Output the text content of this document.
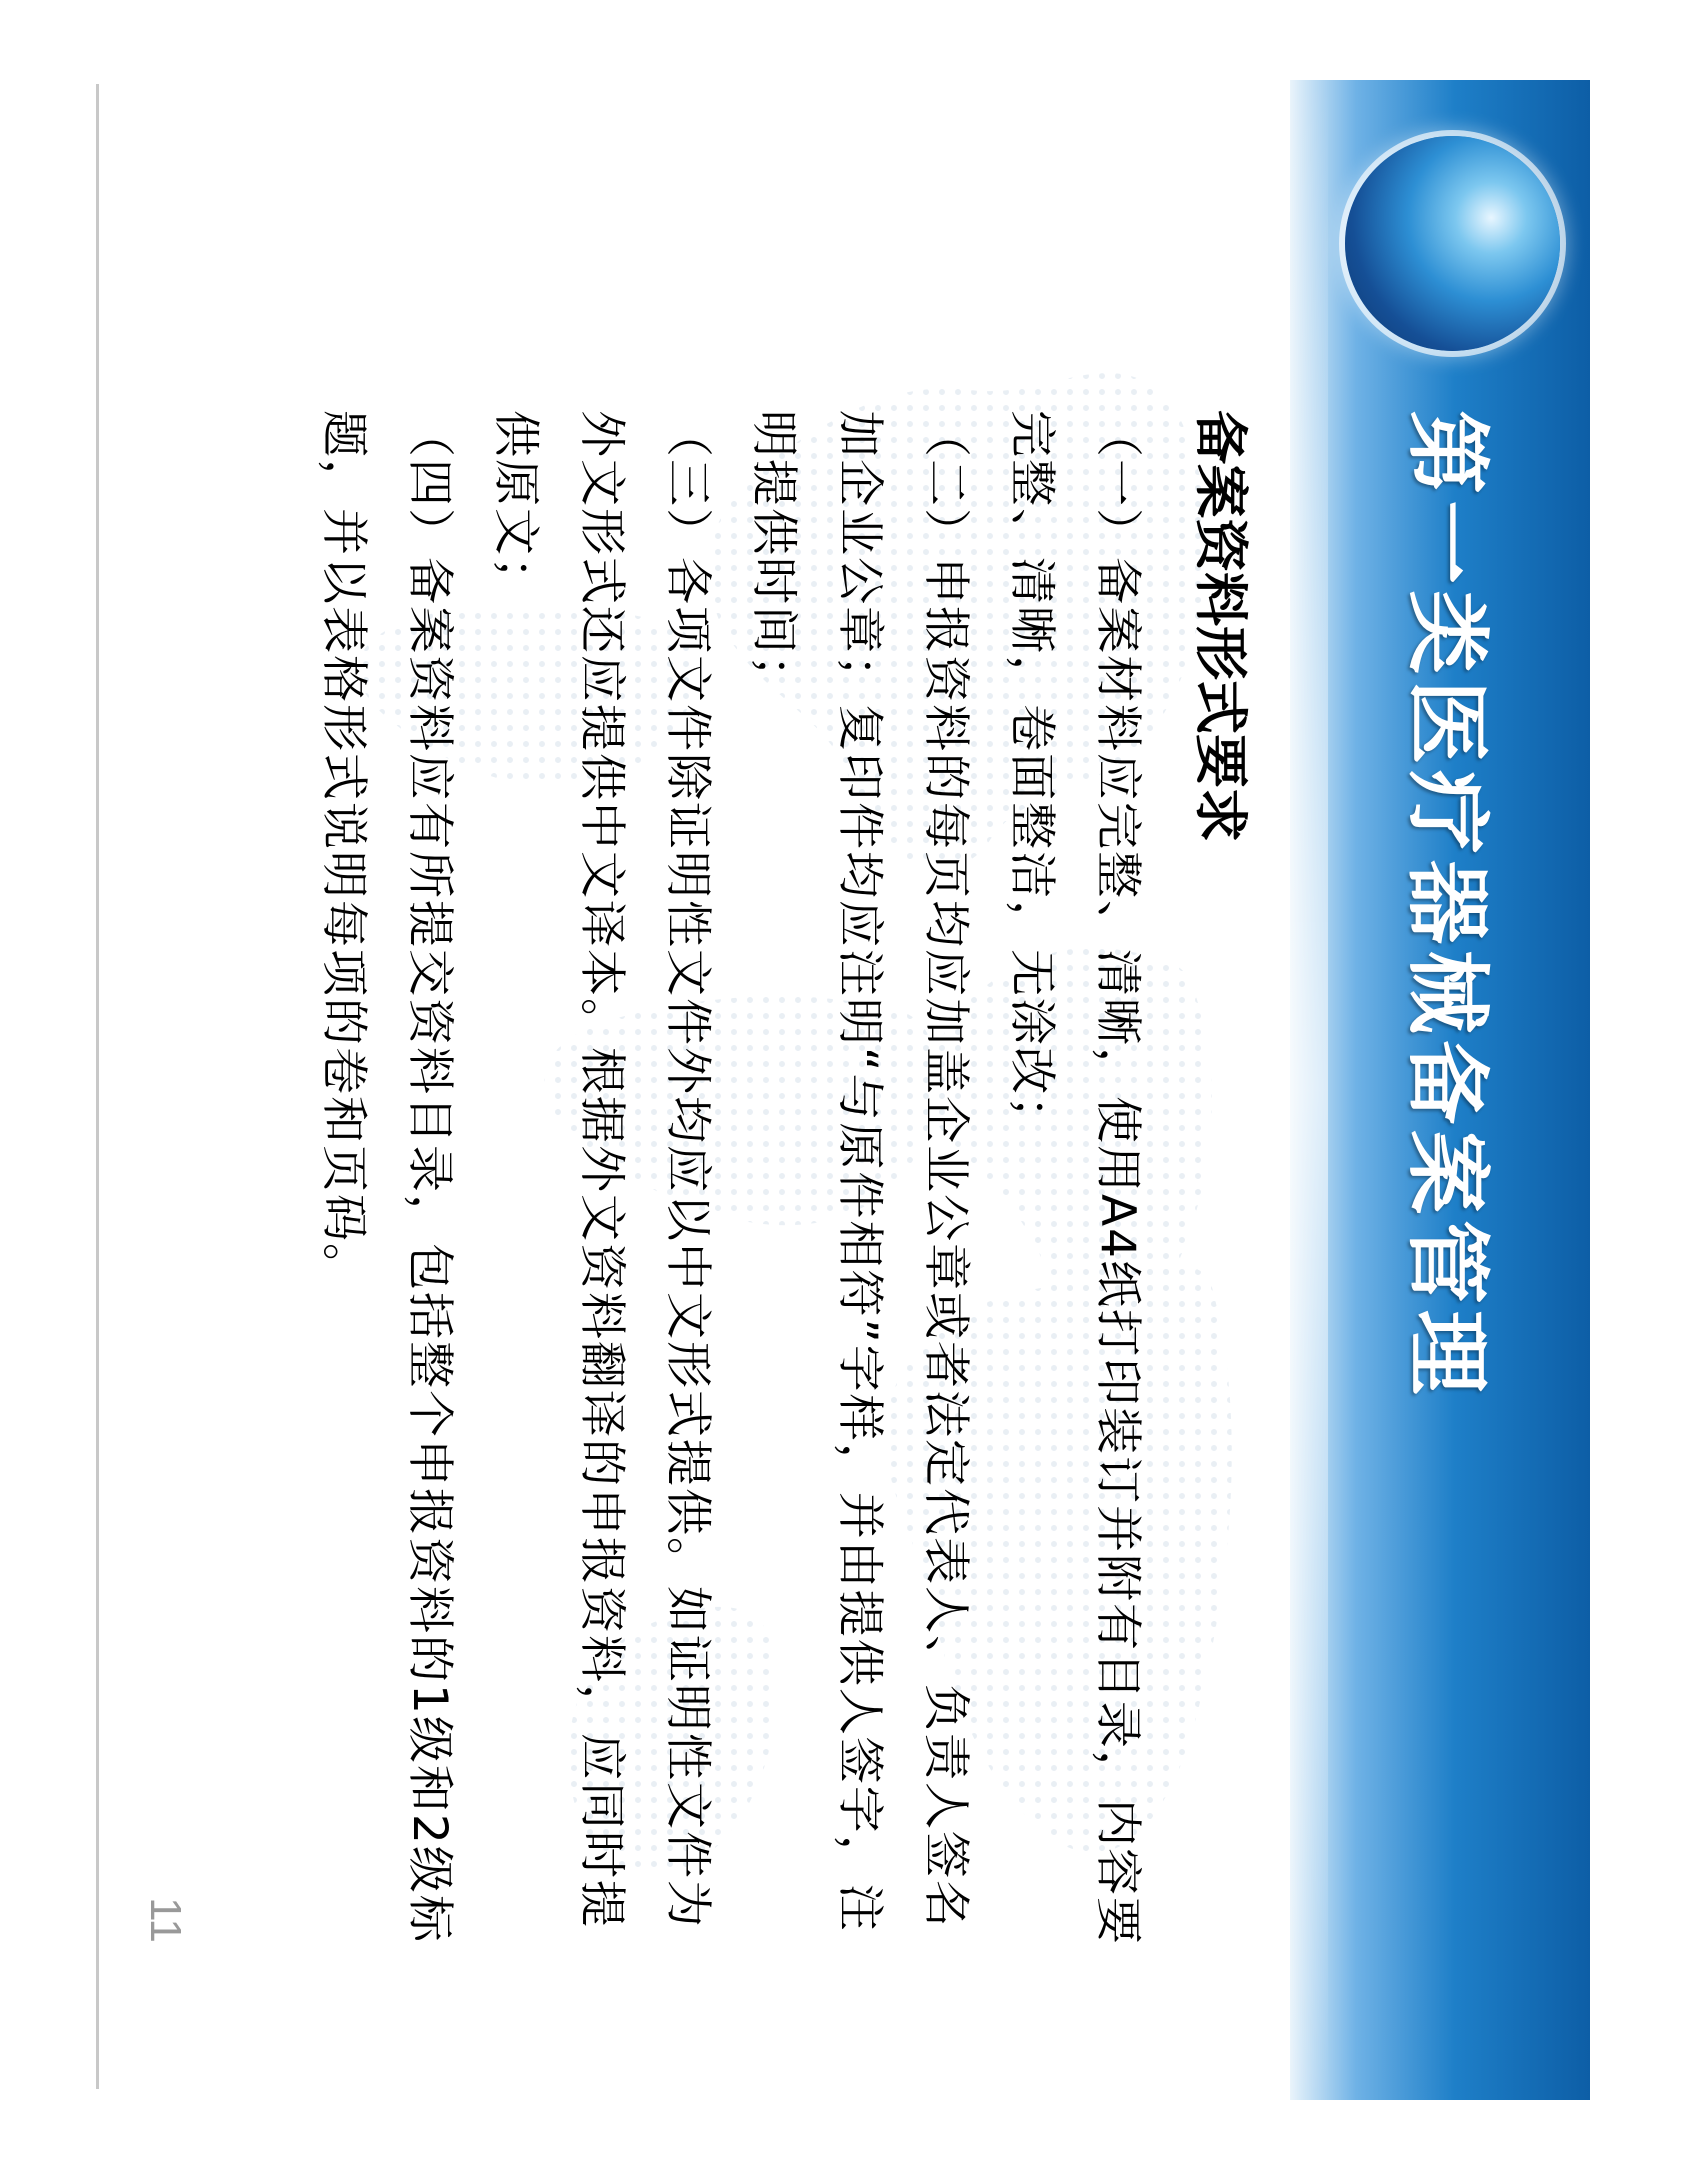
第一类医疗器械备案管理
备案资料形式要求

（一）备案材料应完整、清晰，使用A4纸打印装订并附有目录，内容要完整、清晰，卷面整洁，无涂改；

（二）申报资料的每页均应加盖企业公章或者法定代表人、负责人签名加企业公章；复印件均应注明“与原件相符”字样，并由提供人签字，注明提供时间；

（三）各项文件除证明性文件外均应以中文形式提供。如证明性文件为外文形式还应提供中文译本。根据外文资料翻译的申报资料，应同时提供原文；

（四）备案资料应有所提交资料目录，包括整个申报资料的1级和2级标题，并以表格形式说明每项的卷和页码。

11
